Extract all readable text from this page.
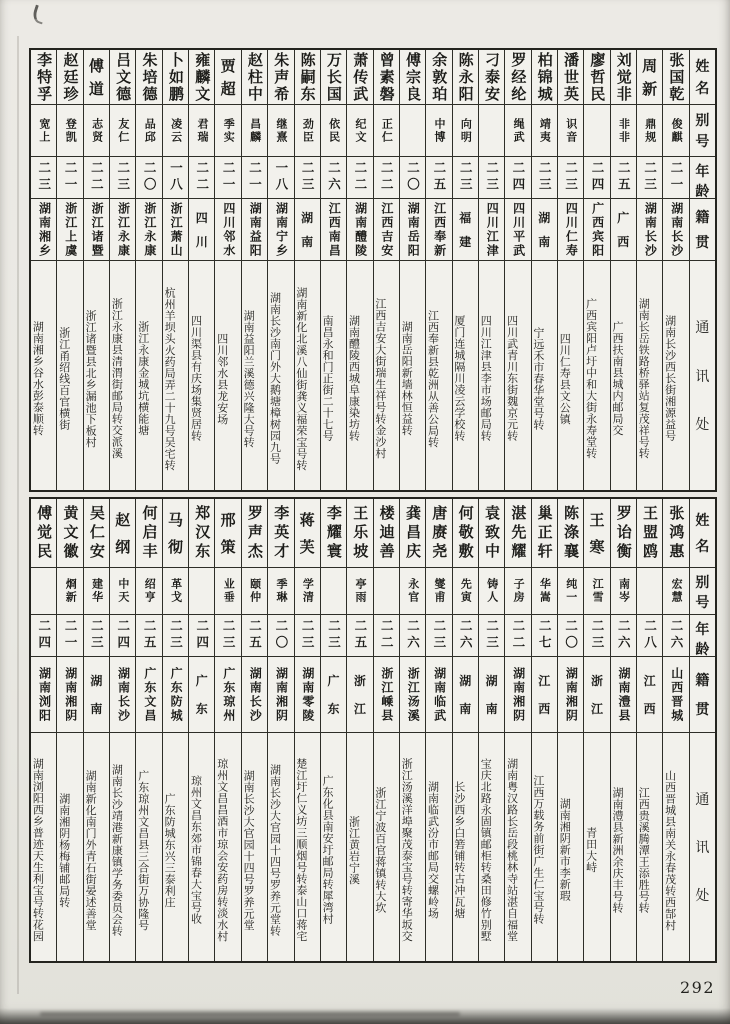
姓
名
别
号
年
龄
籍
贯
通
讯
处
张国乾
俊麒
二一
湖南长沙
湖南长沙西长街湘源益号
周
新
鼎规
二三
湖南长沙
湖南长岳铁路桥驿站复茂祥号转
刘觉非
非非
二五
广
西
广西扶南县城内邮局交
廖哲民
二四
广西宾阳
广西宾阳卢圩中和大街永寿堂转
潘世英
识音
二三
四川仁寿
四川仁寿县文公镇
柏锦城
靖夷
二三
湖
南
宁远禾市春华堂号转
罗经纶
绳武
二四
四川平武
四川武青川东街魏京元转
刁泰安
二三
四川江津
四川江津县李市场邮局转
陈永阳
向明
二三
福
建
厦门连城隔川凌云学校转
余敦珀
中博
二五
江西奉新
江西奉新县乾洲从善公局转
傅宗良
二〇
湖南岳阳
湖南岳阳新墙林恒益转
曾素磐
正仁
二二
江西吉安
江西吉安大街瑞生祥号转金沙村
萧传武
纪文
二二
湖南醴陵
湖南醴陵西城阜康染坊转
万长国
依民
二六
江西南昌
南昌永和门正街二十七号
陈嗣东
劲臣
二三
湖
南
湖南新化北溪八仙街龚义福荣宝号转
朱声希
继熹
一八
湖南宁乡
湖南长沙南门外大鹅塘樟树园九号
赵柱中
昌麟
二一
湖南益阳
湖南益阳兰溪德兴隆大号转
贾
超
季实
二一
四川邻水
四川邻水县龙安场
雍麟文
君瑞
二二
四
川
四川渠县有庆场集贤居转
卜如鹏
凌云
一八
浙江萧山
杭州羊坝头火药局弄二十九号吴宅转
朱培德
品邱
二〇
浙江永康
浙江永康金城坑横能塘
吕文德
友仁
二三
浙江永康
浙江永康县清渭街邮局转交派溪
傅
道
志贤
二二
浙江诸暨
浙江诸暨县北乡漏池下板村
赵廷珍
登凯
二一
浙江上虞
浙江甬绍线百官横街
李特孚
宽上
二三
湖南湘乡
湖南湘乡谷水彭泰顺转
姓
名
别
号
年
龄
籍
贯
通
讯
处
张鸿惠
宏慧
二六
山西晋城
山西晋城县南关永春茂转西郜村
王盟鸥
二八
江
西
江西贵溪腾潭王添胜号转
罗诒衡
南岑
二六
湖南澧县
湖南澧县新洲余庆丰号转
王
寒
江雪
二三
浙
江
青田大峙
陈涤襄
纯一
二〇
湖南湘阴
湖南湘阴新市李新瑕
巢正轩
华嵩
二七
江
西
江西万载务前街广生仁宝号转
湛先耀
子房
二二
湖南湘阴
湖南粤汉路长岳段桃林寺站湛自福堂
袁致中
铸人
二三
湖
南
宝庆北路永固镇邮柜转桑田修竹别墅
何敬敷
先寅
二六
湖
南
长沙西乡白箬铺转古冲瓦塘
唐赓尧
燮甫
二三
湖南临武
湖南临武汾市邮局交螺岭场
龚昌庆
永官
二六
浙江汤溪
浙江汤溪洋埠聚茂泰宝号转寄华坂交
楼迪善
二二
浙江嵊县
浙江宁波百官蒋镇转大坎
王乐坡
亭雨
二五
浙
江
浙江黄岩宁溪
李耀寰
二三
广
东
广东化县南安圩邮局转犀湾村
蒋
芙
学清
二三
湖南零陵
楚江圩仁义坊三顺烟号转泰山口蒋宅
李英才
季琳
二〇
湖南湘阴
湖南长沙大官园十四号罗养元堂转
罗声杰
颐仲
二五
湖南长沙
湖南长沙大官园十四号罗养元堂
邢
策
业垂
二三
广东琼州
琼州文昌昌酒市琼会安药房转淡水村
郑汉东
二四
广
东
琼州文昌东郊市锦春大宝号收
马
彻
革戈
二三
广东防城
广东防城东兴三泰利庄
何启丰
绍亨
二五
广东文昌
广东琼州文昌县三合街万协隆号
赵
纲
中天
二四
湖南长沙
湖南长沙靖港新康镇学务委员会转
吴仁安
建华
二三
湖
南
湖南新化南门外青石街晏述善堂
黄文徽
烱新
二一
湖南湘阴
湖南湘阴杨梅铺邮局转
傅觉民
二四
湖南浏阳
湖南浏阳西乡普迹天生利宝号转花园
292
